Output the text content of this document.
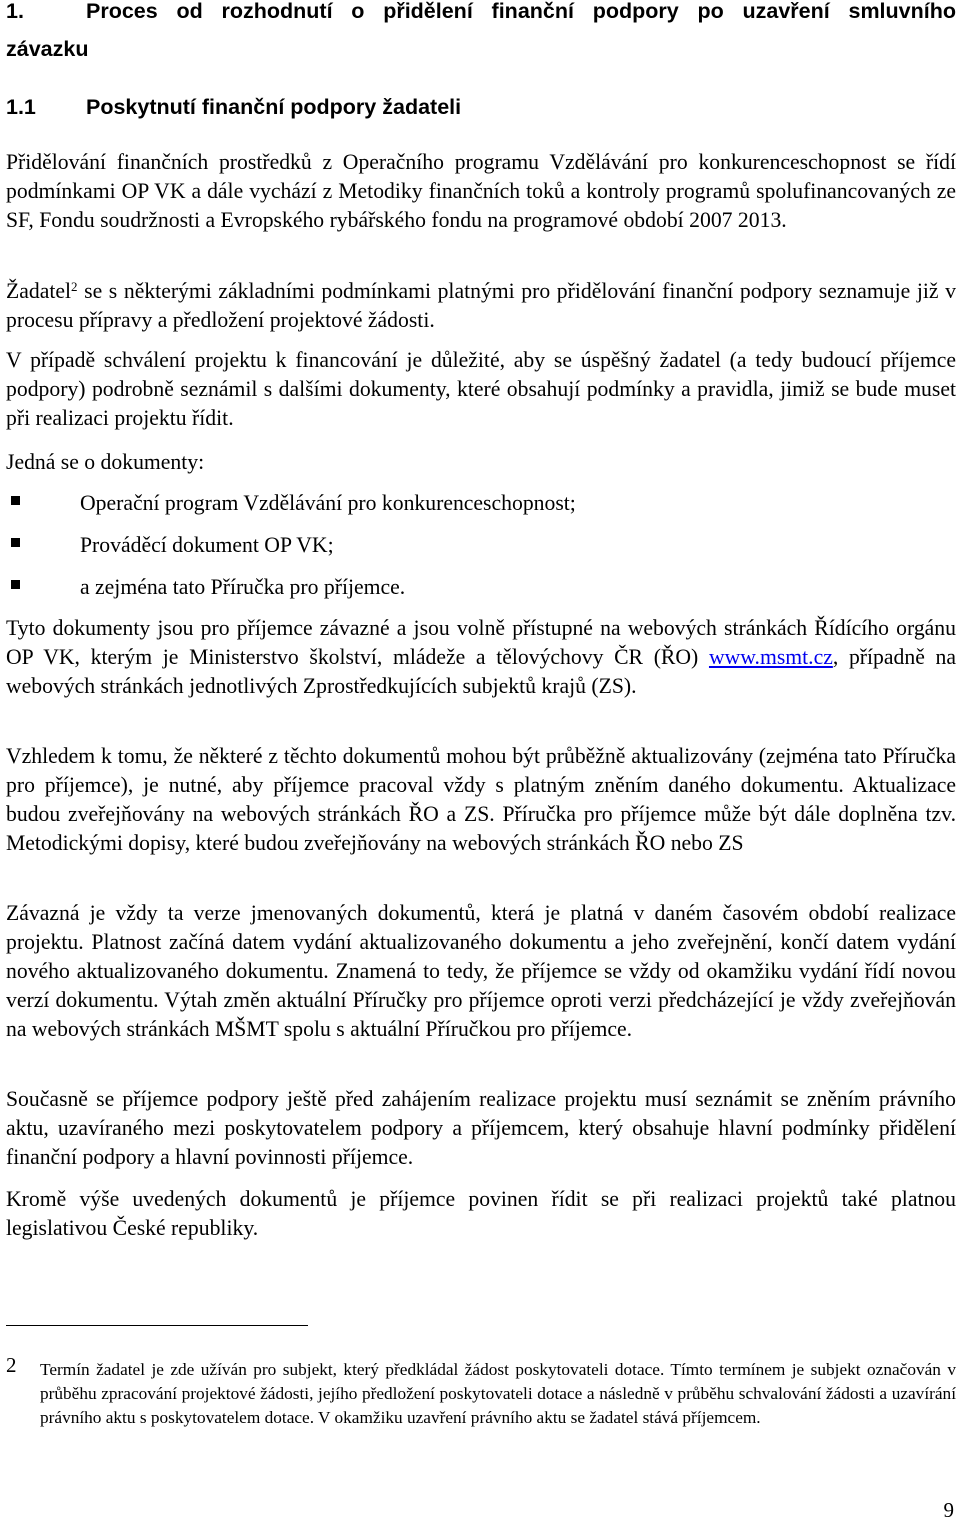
1.	Proces od rozhodnutí o přidělení finanční podpory po uzavření smluvního závazku
1.1 Poskytnutí finanční podpory žadateli

Přidělování finančních prostředků z Operačního programu Vzdělávání pro konkurenceschopnost se řídí podmínkami OP VK a dále vychází z Metodiky finančních toků a kontroly programů spolufinancovaných ze SF, Fondu soudržnosti a Evropského rybářského fondu na programové období 2007 2013.

Žadatel$^2$ se s některými základními podmínkami platnými pro přidělování finanční podpory seznamuje již v procesu přípravy a předložení projektové žádosti.

V případě schválení projektu k financování je důležité, aby se úspěšný žadatel (a tedy budoucí příjemce podpory) podrobně seznámil s dalšími dokumenty, které obsahují podmínky a pravidla, jimiž se bude muset při realizaci projektu řídit.

Jedná se o dokumenty:

Operační program Vzdělávání pro konkurenceschopnost;
Prováděcí dokument OP VK;
a zejména tato Příručka pro příjemce.

Tyto dokumenty jsou pro příjemce závazné a jsou volně přístupné na webových stránkách Řídícího orgánu OP VK, kterým je Ministerstvo školství, mládeže a tělovýchovy ČR (ŘO) www.msmt.cz, případně na webových stránkách jednotlivých Zprostředkujících subjektů krajů (ZS).

Vzhledem k tomu, že některé z těchto dokumentů mohou být průběžně aktualizovány (zejména tato Příručka pro příjemce), je nutné, aby příjemce pracoval vždy s platným zněním daného dokumentu. Aktualizace budou zveřejňovány na webových stránkách ŘO a ZS. Příručka pro příjemce může být dále doplněna tzv. Metodickými dopisy, které budou zveřejňovány na webových stránkách ŘO nebo ZS

Závazná je vždy ta verze jmenovaných dokumentů, která je platná v daném časovém období realizace projektu. Platnost začíná datem vydání aktualizovaného dokumentu a jeho zveřejnění, končí datem vydání nového aktualizovaného dokumentu. Znamená to tedy, že příjemce se vždy od okamžiku vydání řídí novou verzí dokumentu. Výtah změn aktuální Příručky pro příjemce oproti verzi předcházející je vždy zveřejňován na webových stránkách MŠMT spolu s aktuální Příručkou pro příjemce.

Současně se příjemce podpory ještě před zahájením realizace projektu musí seznámit se zněním právního aktu, uzavíraného mezi poskytovatelem podpory a příjemcem, který obsahuje hlavní podmínky přidělení finanční podpory a hlavní povinnosti příjemce.

Kromě výše uvedených dokumentů je příjemce povinen řídit se při realizaci projektů také platnou legislativou České republiky.

2 Termín žadatel je zde užíván pro subjekt, který předkládal žádost poskytovateli dotace. Tímto termínem je subjekt označován v průběhu zpracování projektové žádosti, jejího předložení poskytovateli dotace a následně v průběhu schvalování žádosti a uzavírání právního aktu s poskytovatelem dotace. V okamžiku uzavření právního aktu se žadatel stává příjemcem.

9
